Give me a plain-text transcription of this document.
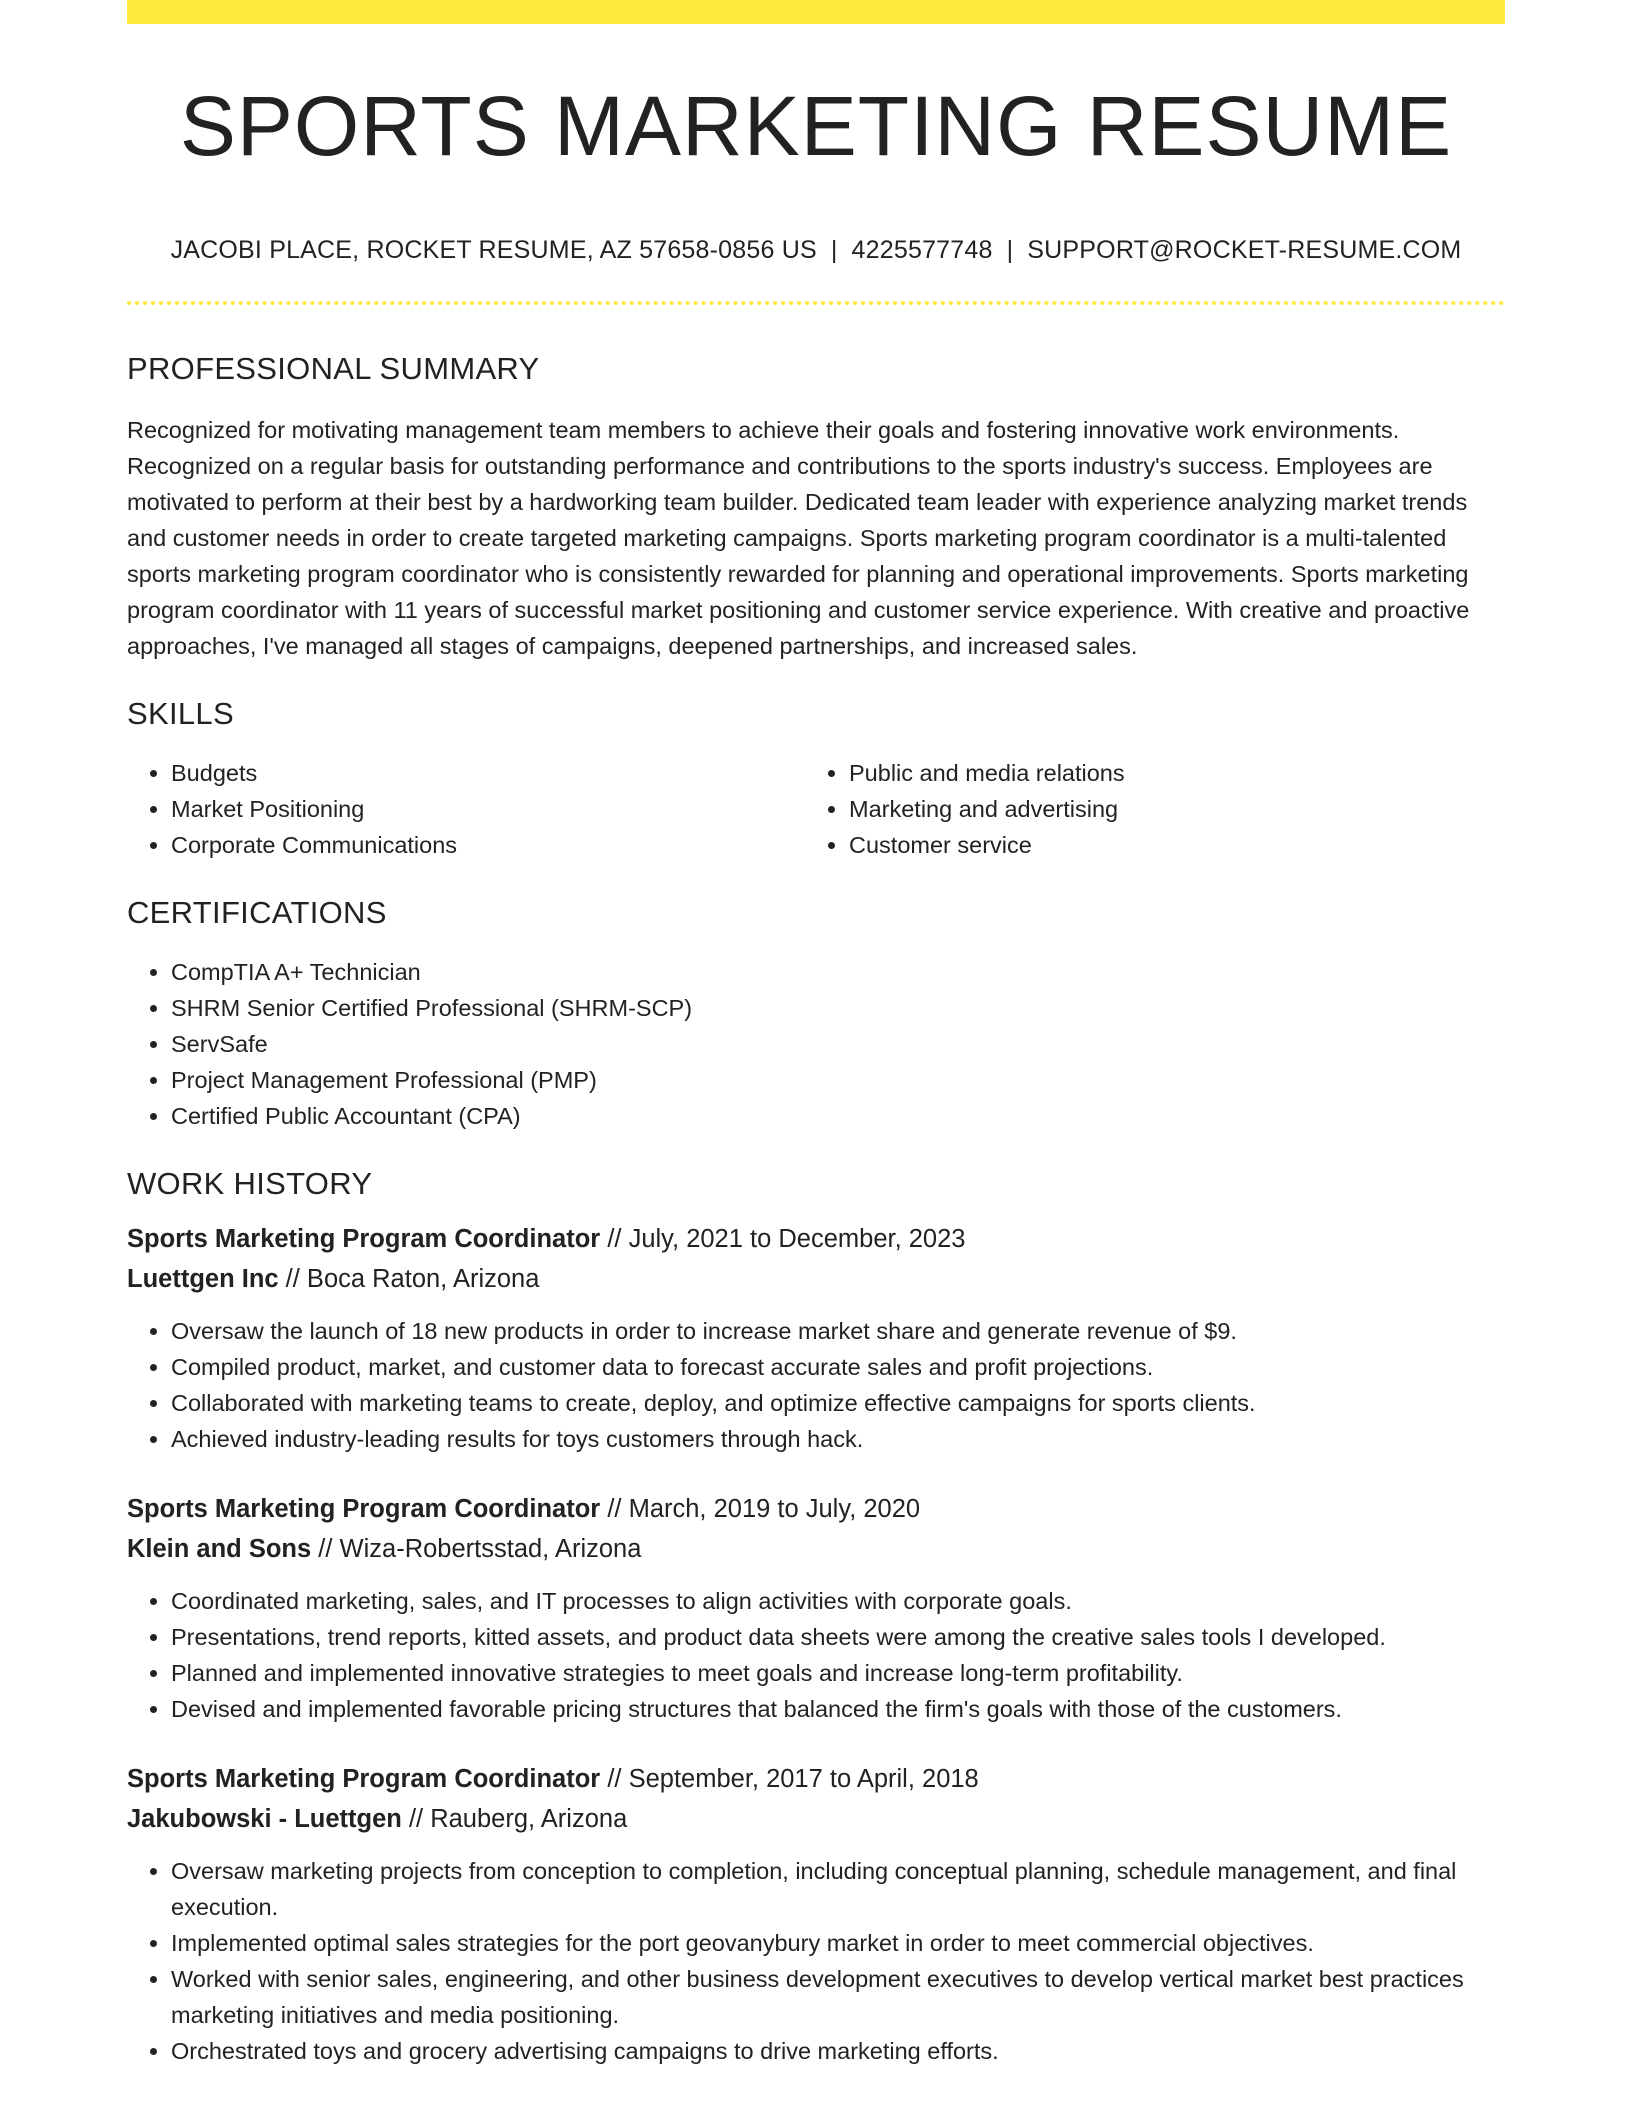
SPORTS MARKETING RESUME
JACOBI PLACE, ROCKET RESUME, AZ 57658-0856 US | 4225577748 | SUPPORT@ROCKET-RESUME.COM
PROFESSIONAL SUMMARY

Recognized for motivating management team members to achieve their goals and fostering innovative work environments. Recognized on a regular basis for outstanding performance and contributions to the sports industry's success. Employees are motivated to perform at their best by a hardworking team builder. Dedicated team leader with experience analyzing market trends and customer needs in order to create targeted marketing campaigns. Sports marketing program coordinator is a multi-talented sports marketing program coordinator who is consistently rewarded for planning and operational improvements. Sports marketing program coordinator with 11 years of successful market positioning and customer service experience. With creative and proactive approaches, I've managed all stages of campaigns, deepened partnerships, and increased sales.

SKILLS
• Budgets
• Market Positioning
• Corporate Communications
• Public and media relations
• Marketing and advertising
• Customer service
CERTIFICATIONS
• CompTIA A+ Technician
• SHRM Senior Certified Professional (SHRM-SCP)
• ServSafe
• Project Management Professional (PMP)
• Certified Public Accountant (CPA)
WORK HISTORY
Sports Marketing Program Coordinator // July, 2021 to December, 2023
Luettgen Inc // Boca Raton, Arizona
• Oversaw the launch of 18 new products in order to increase market share and generate revenue of $9.
• Compiled product, market, and customer data to forecast accurate sales and profit projections.
• Collaborated with marketing teams to create, deploy, and optimize effective campaigns for sports clients.
• Achieved industry-leading results for toys customers through hack.
Sports Marketing Program Coordinator // March, 2019 to July, 2020
Klein and Sons // Wiza-Robertsstad, Arizona
• Coordinated marketing, sales, and IT processes to align activities with corporate goals.
• Presentations, trend reports, kitted assets, and product data sheets were among the creative sales tools I developed.
• Planned and implemented innovative strategies to meet goals and increase long-term profitability.
• Devised and implemented favorable pricing structures that balanced the firm's goals with those of the customers.
Sports Marketing Program Coordinator // September, 2017 to April, 2018
Jakubowski - Luettgen // Rauberg, Arizona
• Oversaw marketing projects from conception to completion, including conceptual planning, schedule management, and final execution.
• Implemented optimal sales strategies for the port geovanybury market in order to meet commercial objectives.
• Worked with senior sales, engineering, and other business development executives to develop vertical market best practices marketing initiatives and media positioning.
• Orchestrated toys and grocery advertising campaigns to drive marketing efforts.
